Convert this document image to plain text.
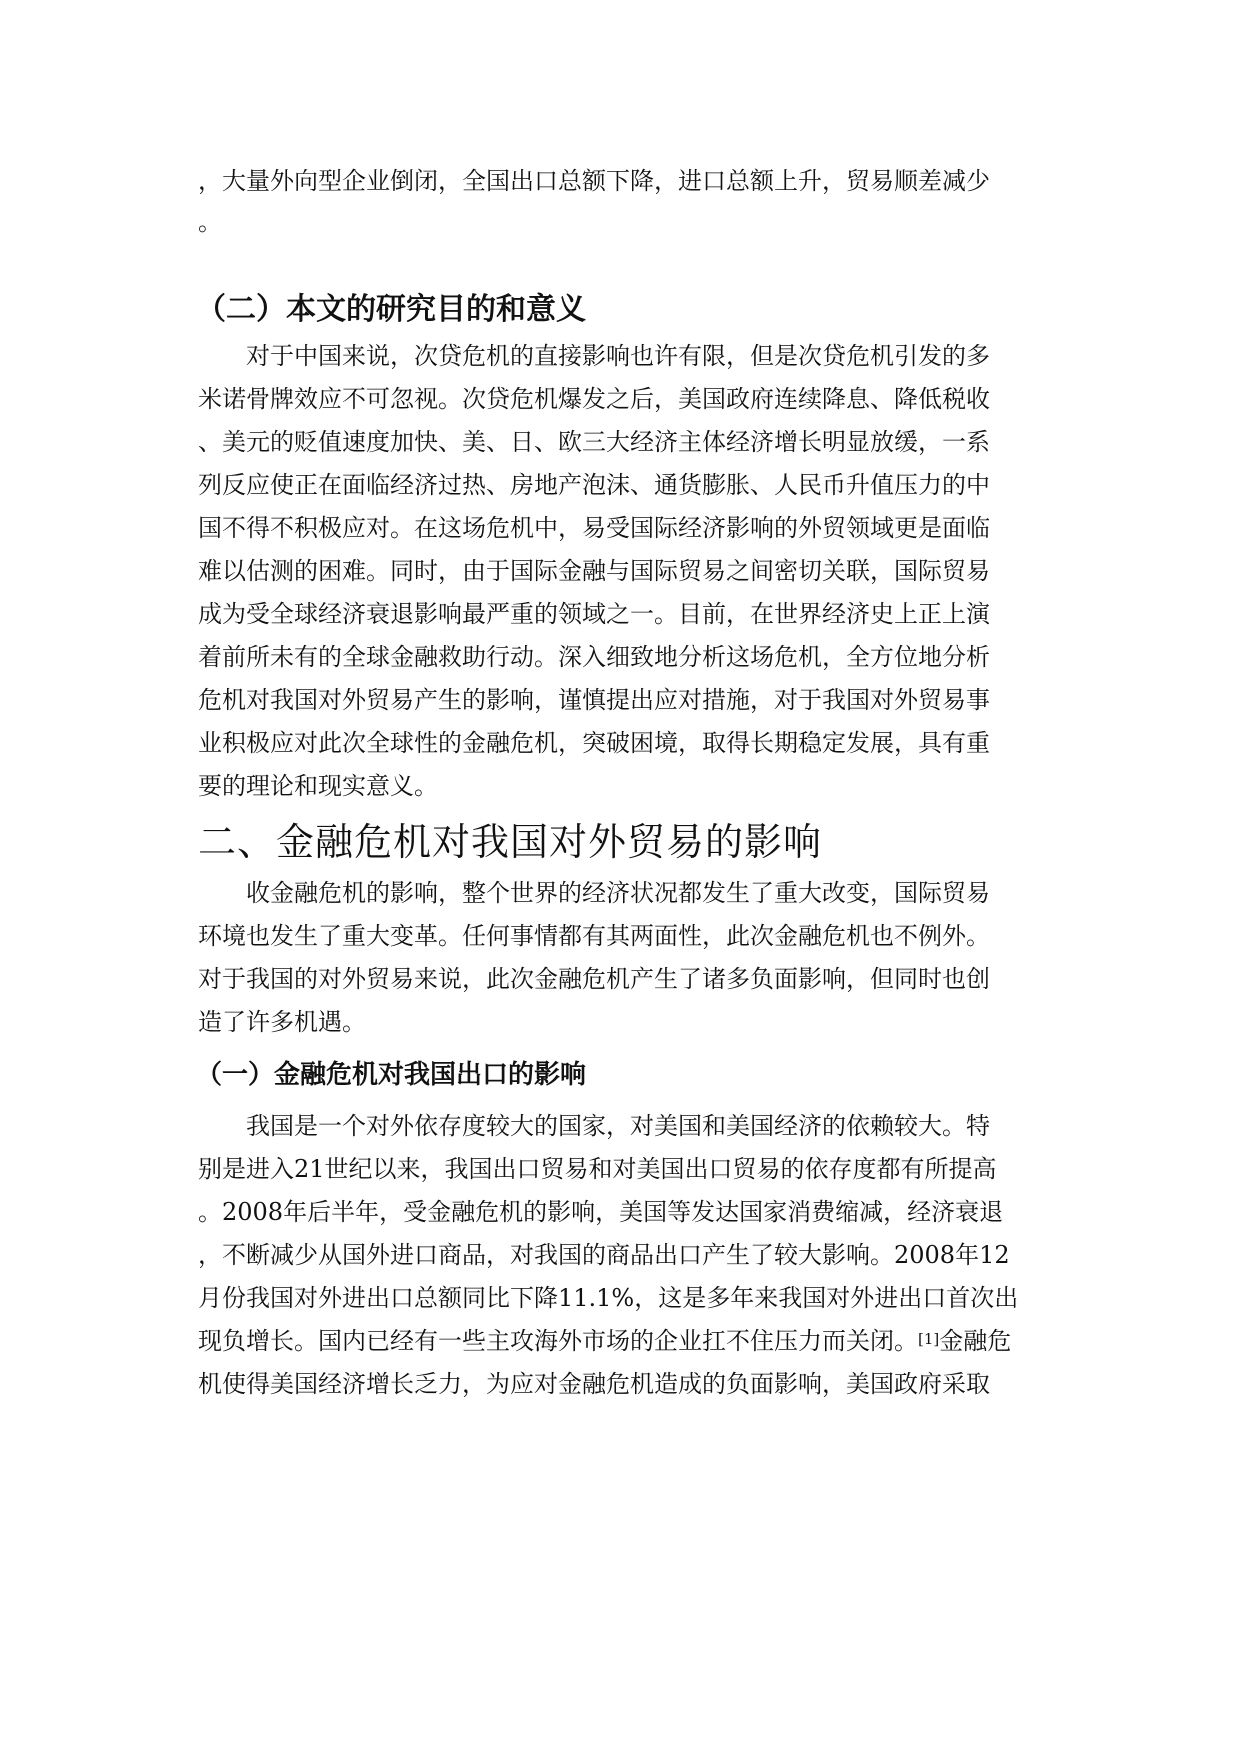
，大量外向型企业倒闭，全国出口总额下降，进口总额上升，贸易顺差减少
。
（二）本文的研究目的和意义
对于中国来说，次贷危机的直接影响也许有限，但是次贷危机引发的多
米诺骨牌效应不可忽视。次贷危机爆发之后，美国政府连续降息、降低税收
、美元的贬值速度加快、美、日、欧三大经济主体经济增长明显放缓，一系
列反应使正在面临经济过热、房地产泡沫、通货膨胀、人民币升值压力的中
国不得不积极应对。在这场危机中，易受国际经济影响的外贸领域更是面临
难以估测的困难。同时，由于国际金融与国际贸易之间密切关联，国际贸易
成为受全球经济衰退影响最严重的领域之一。目前，在世界经济史上正上演
着前所未有的全球金融救助行动。深入细致地分析这场危机，全方位地分析
危机对我国对外贸易产生的影响，谨慎提出应对措施，对于我国对外贸易事
业积极应对此次全球性的金融危机，突破困境，取得长期稳定发展，具有重
要的理论和现实意义。
二、金融危机对我国对外贸易的影响
收金融危机的影响，整个世界的经济状况都发生了重大改变，国际贸易
环境也发生了重大变革。任何事情都有其两面性，此次金融危机也不例外。
对于我国的对外贸易来说，此次金融危机产生了诸多负面影响，但同时也创
造了许多机遇。
（一）金融危机对我国出口的影响
我国是一个对外依存度较大的国家，对美国和美国经济的依赖较大。特
别是进入21世纪以来，我国出口贸易和对美国出口贸易的依存度都有所提高
。2008年后半年，受金融危机的影响，美国等发达国家消费缩减，经济衰退
，不断减少从国外进口商品，对我国的商品出口产生了较大影响。2008年12
月份我国对外进出口总额同比下降11.1%，这是多年来我国对外进出口首次出
现负增长。国内已经有一些主攻海外市场的企业扛不住压力而关闭。[1]金融危
机使得美国经济增长乏力，为应对金融危机造成的负面影响，美国政府采取
